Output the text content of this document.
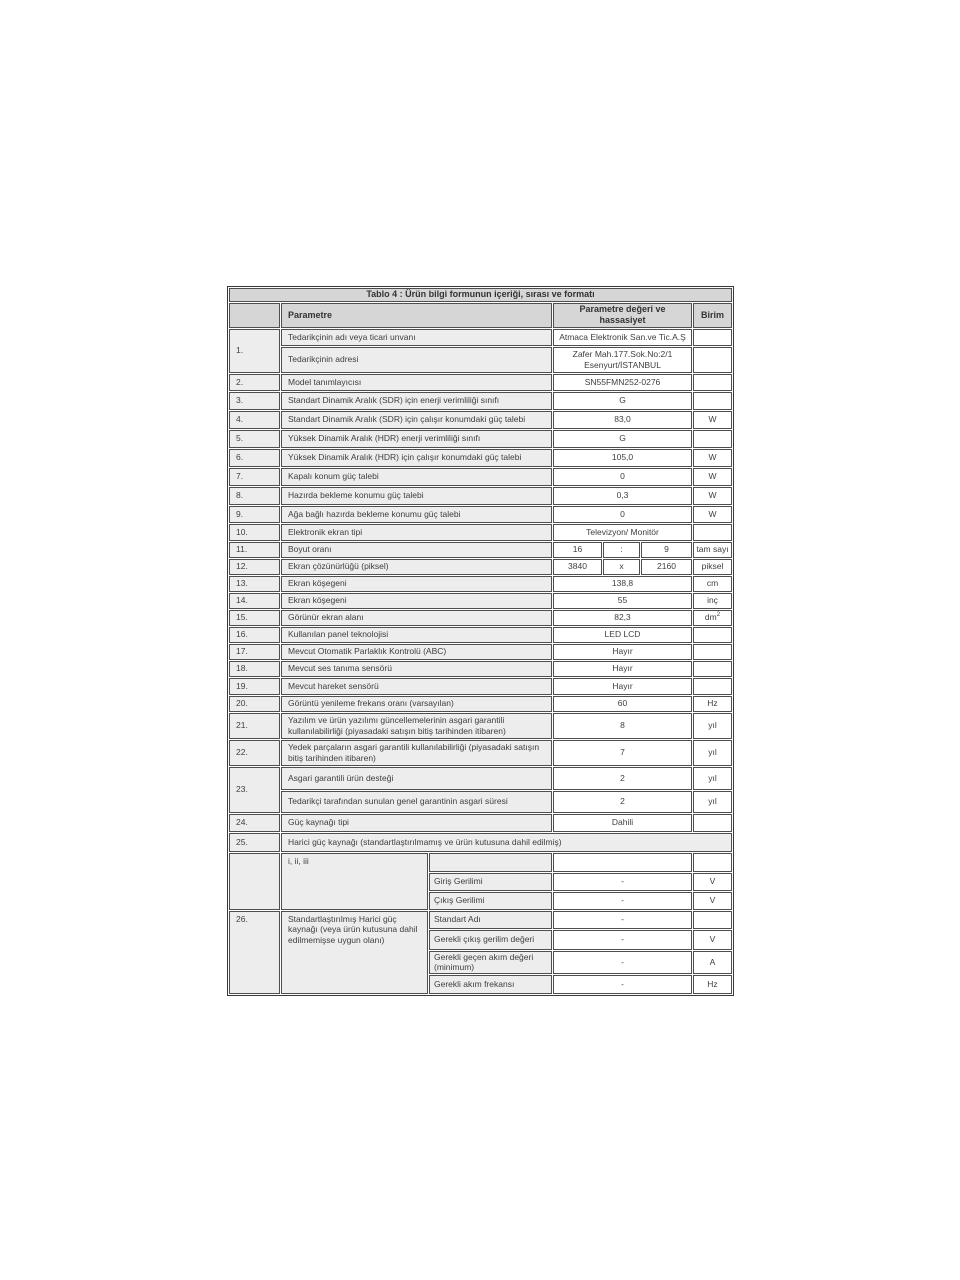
Tablo 4 : Ürün bilgi formunun içeriği, sırası ve formatı						
	Parametre		Parametre değeri ve hassasiyet			Birim
1.	Tedarikçinin adı veya ticari unvanı		Atmaca Elektronik San.ve Tic.A.Ş			
	Tedarikçinin adresi		Zafer Mah.177.Sok.No:2/1
Esenyurt/İSTANBUL			

2.	Model tanımlayıcısı		SN55FMN252-0276			
3.	Standart Dinamik Aralık (SDR) için enerji verimliliği sınıfı		G			
4.	Standart Dinamik Aralık (SDR) için çalışır konumdaki güç talebi		83,0			W
5.	Yüksek Dinamik Aralık (HDR) enerji verimliliği sınıfı		G			
6.	Yüksek Dinamik Aralık (HDR) için çalışır konumdaki güç talebi		105,0			W
7.	Kapalı konum güç talebi		0			W
8.	Hazırda bekleme konumu güç talebi		0,3			W
9.	Ağa bağlı hazırda bekleme konumu güç talebi		0			W
10.	Elektronik ekran tipi		Televizyon/ Monitör			
11.	Boyut oranı		16	:	9	tam sayı
12.	Ekran çözünürlüğü (piksel)		3840	x	2160	piksel
13.	Ekran köşegeni		138,8			cm
14.	Ekran köşegeni		55			inç
15.	Görünür ekran alanı		82,3			$dm^2$
16.	Kullanılan panel teknolojisi		LED LCD			
17.	Mevcut Otomatik Parlaklık Kontrolü (ABC)		Hayır			
18.	Mevcut ses tanıma sensörü		Hayır			
19.	Mevcut hareket sensörü		Hayır			
20.	Görüntü yenileme frekans oranı (varsayılan)		60			Hz
21.	Yazılım ve ürün yazılımı güncellemelerinin asgari garantili kullanılabilirliği (piyasadaki satışın bitiş tarihinden itibaren)		8			yıl
22.	Yedek parçaların asgari garantili kullanılabilirliği (piyasadaki satışın bitiş tarihinden itibaren)		7			yıl
23.	Asgari garantili ürün desteği		2			yıl
	Tedarikçi tarafından sunulan genel garantinin asgari süresi		2			yıl
24.	Güç kaynağı tipi		Dahili			
25.	Harici güç kaynağı (standartlaştırılmamış ve ürün kutusuna dahil edilmiş)					
	i, ii, iii					
		Giriş Gerilimi	-			V
		Çıkış Gerilimi	-			V
26.	Standartlaştırılmış Harici güç kaynağı (veya ürün kutusuna dahil edilmemişse uygun olanı)	Standart Adı	-			
		Gerekli çıkış gerilim değeri	-			V
		Gerekli geçen akım değeri (minimum)	-			A
		Gerekli akım frekansı	-			Hz
